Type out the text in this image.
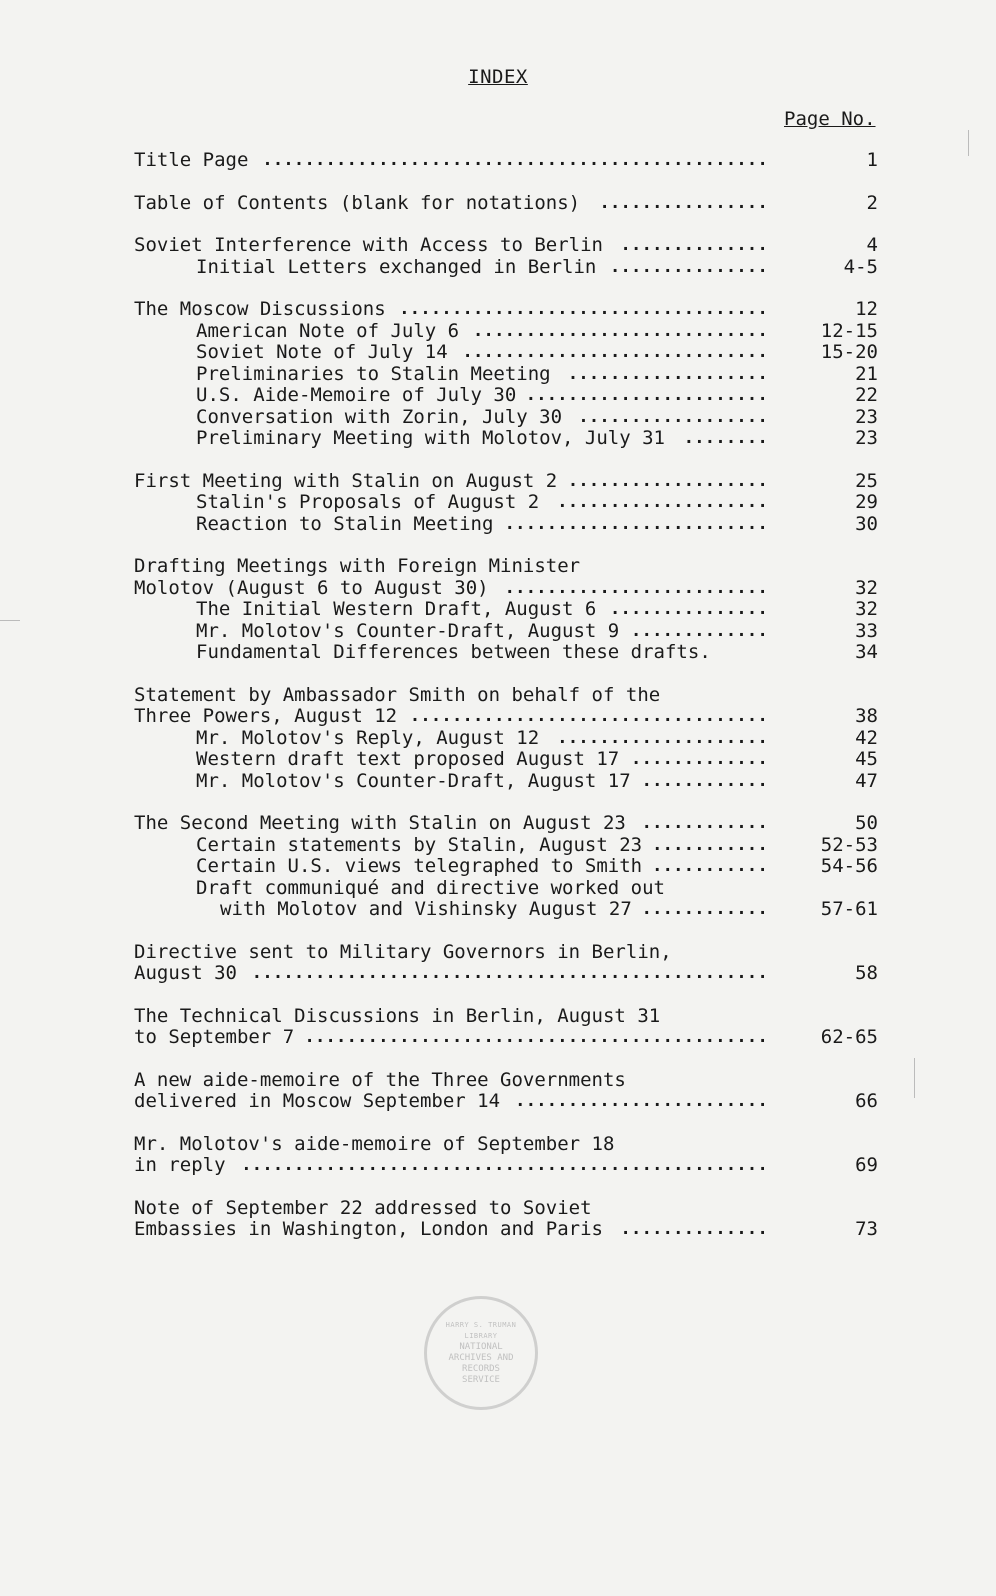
INDEX
Page No.
Title Page ................................................	1
Table of Contents (blank for notations) ................	2
Soviet Interference with Access to Berlin ..............	4
Initial Letters exchanged in Berlin ...............	4-5
The Moscow Discussions ...................................	12
American Note of July 6 ............................	12-15
Soviet Note of July 14 .............................	15-20
Preliminaries to Stalin Meeting ...................	21
U.S. Aide-Memoire of July 30 .......................	22
Conversation with Zorin, July 30 ..................	23
Preliminary Meeting with Molotov, July 31 ........	23
First Meeting with Stalin on August 2 ...................	25
Stalin's Proposals of August 2 ....................	29
Reaction to Stalin Meeting .........................	30
Drafting Meetings with Foreign Minister
Molotov (August 6 to August 30) .........................	32
The Initial Western Draft, August 6 ...............	32
Mr. Molotov's Counter-Draft, August 9 .............	33
Fundamental Differences between these drafts.	34
Statement by Ambassador Smith on behalf of the
Three Powers, August 12 ..................................	38
Mr. Molotov's Reply, August 12 ....................	42
Western draft text proposed August 17 .............	45
Mr. Molotov's Counter-Draft, August 17 ............	47
The Second Meeting with Stalin on August 23 ............	50
Certain statements by Stalin, August 23 ...........	52-53
Certain U.S. views telegraphed to Smith ...........	54-56
Draft communiqué and directive worked out
with Molotov and Vishinsky August 27 ............	57-61
Directive sent to Military Governors in Berlin,
August 30 .................................................	58
The Technical Discussions in Berlin, August 31
to September 7 ............................................	62-65
A new aide-memoire of the Three Governments
delivered in Moscow September 14 ........................	66
Mr. Molotov's aide-memoire of September 18
in reply ..................................................	69
Note of September 22 addressed to Soviet
Embassies in Washington, London and Paris ..............	73
HARRY S. TRUMAN LIBRARY
NATIONAL
ARCHIVES AND
RECORDS
SERVICE
